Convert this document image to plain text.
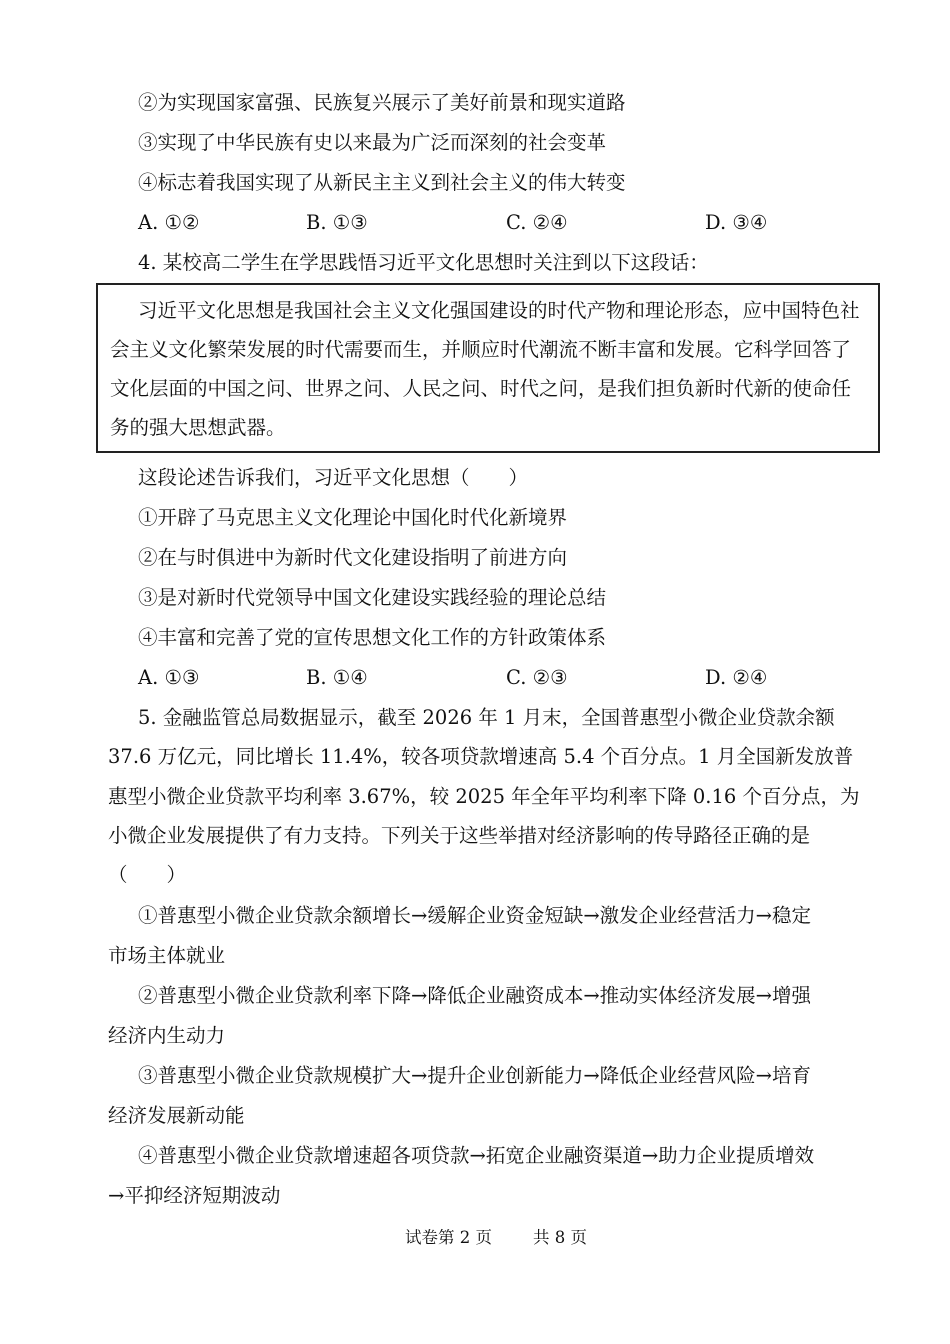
②为实现国家富强、民族复兴展示了美好前景和现实道路
③实现了中华民族有史以来最为广泛而深刻的社会变革
④标志着我国实现了从新民主主义到社会主义的伟大转变
A. ①②	B. ①③	C. ②④	D. ③④
4. 某校高二学生在学思践悟习近平文化思想时关注到以下这段话：
习近平文化思想是我国社会主义文化强国建设的时代产物和理论形态，应中国特色社
会主义文化繁荣发展的时代需要而生，并顺应时代潮流不断丰富和发展。它科学回答了
文化层面的中国之问、世界之问、人民之问、时代之问，是我们担负新时代新的使命任
务的强大思想武器。
这段论述告诉我们，习近平文化思想（　　）
①开辟了马克思主义文化理论中国化时代化新境界
②在与时俱进中为新时代文化建设指明了前进方向
③是对新时代党领导中国文化建设实践经验的理论总结
④丰富和完善了党的宣传思想文化工作的方针政策体系
A. ①③	B. ①④	C. ②③	D. ②④
5. 金融监管总局数据显示，截至 2026 年 1 月末，全国普惠型小微企业贷款余额
37.6 万亿元，同比增长 11.4%，较各项贷款增速高 5.4 个百分点。1 月全国新发放普
惠型小微企业贷款平均利率 3.67%，较 2025 年全年平均利率下降 0.16 个百分点，为
小微企业发展提供了有力支持。下列关于这些举措对经济影响的传导路径正确的是
（　　）
①普惠型小微企业贷款余额增长→缓解企业资金短缺→激发企业经营活力→稳定
市场主体就业
②普惠型小微企业贷款利率下降→降低企业融资成本→推动实体经济发展→增强
经济内生动力
③普惠型小微企业贷款规模扩大→提升企业创新能力→降低企业经营风险→培育
经济发展新动能
④普惠型小微企业贷款增速超各项贷款→拓宽企业融资渠道→助力企业提质增效
→平抑经济短期波动
试卷第 2 页 共 8 页
